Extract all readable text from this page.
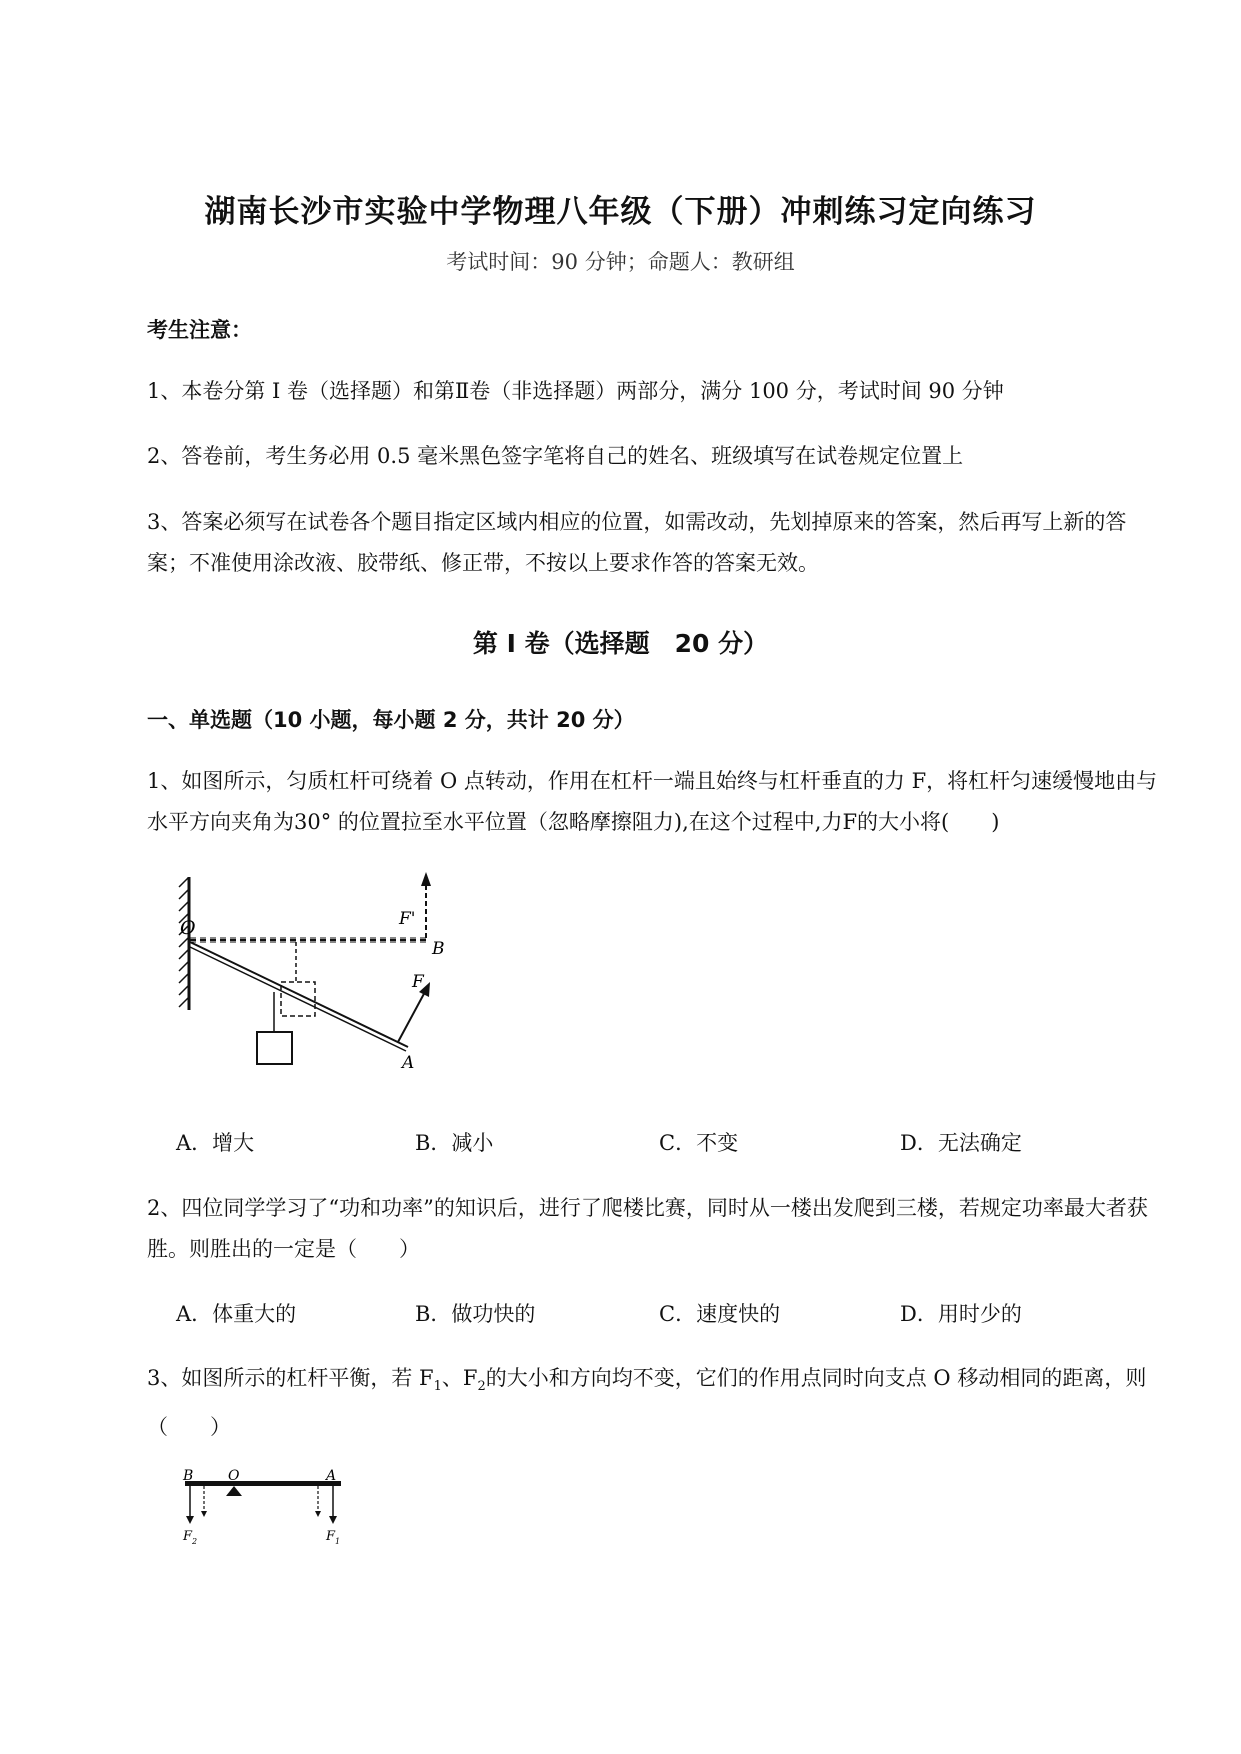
湖南长沙市实验中学物理八年级（下册）冲刺练习定向练习
考试时间：90 分钟；命题人：教研组
考生注意：
1、本卷分第 I 卷（选择题）和第Ⅱ卷（非选择题）两部分，满分 100 分，考试时间 90 分钟
2、答卷前，考生务必用 0.5 毫米黑色签字笔将自己的姓名、班级填写在试卷规定位置上
3、答案必须写在试卷各个题目指定区域内相应的位置，如需改动，先划掉原来的答案，然后再写上新的答案；不准使用涂改液、胶带纸、修正带，不按以上要求作答的答案无效。
第 I 卷（选择题　20 分）
一、单选题（10 小题，每小题 2 分，共计 20 分）
1、如图所示，匀质杠杆可绕着 O 点转动，作用在杠杆一端且始终与杠杆垂直的力 F，将杠杆匀速缓慢地由与水平方向夹角为30° 的位置拉至水平位置（忽略摩擦阻力),在这个过程中,力F的大小将(　　)
O
B
F'
F
A
A．增大	B．减小	C．不变	D．无法确定
2、四位同学学习了“功和功率”的知识后，进行了爬楼比赛，同时从一楼出发爬到三楼，若规定功率最大者获胜。则胜出的一定是（　　）
A．体重大的	B．做功快的	C．速度快的	D．用时少的
3、如图所示的杠杆平衡，若 $F_1$、$F_2$的大小和方向均不变，它们的作用点同时向支点 O 移动相同的距离，则（　　）
B O	A
F 2	F 1
